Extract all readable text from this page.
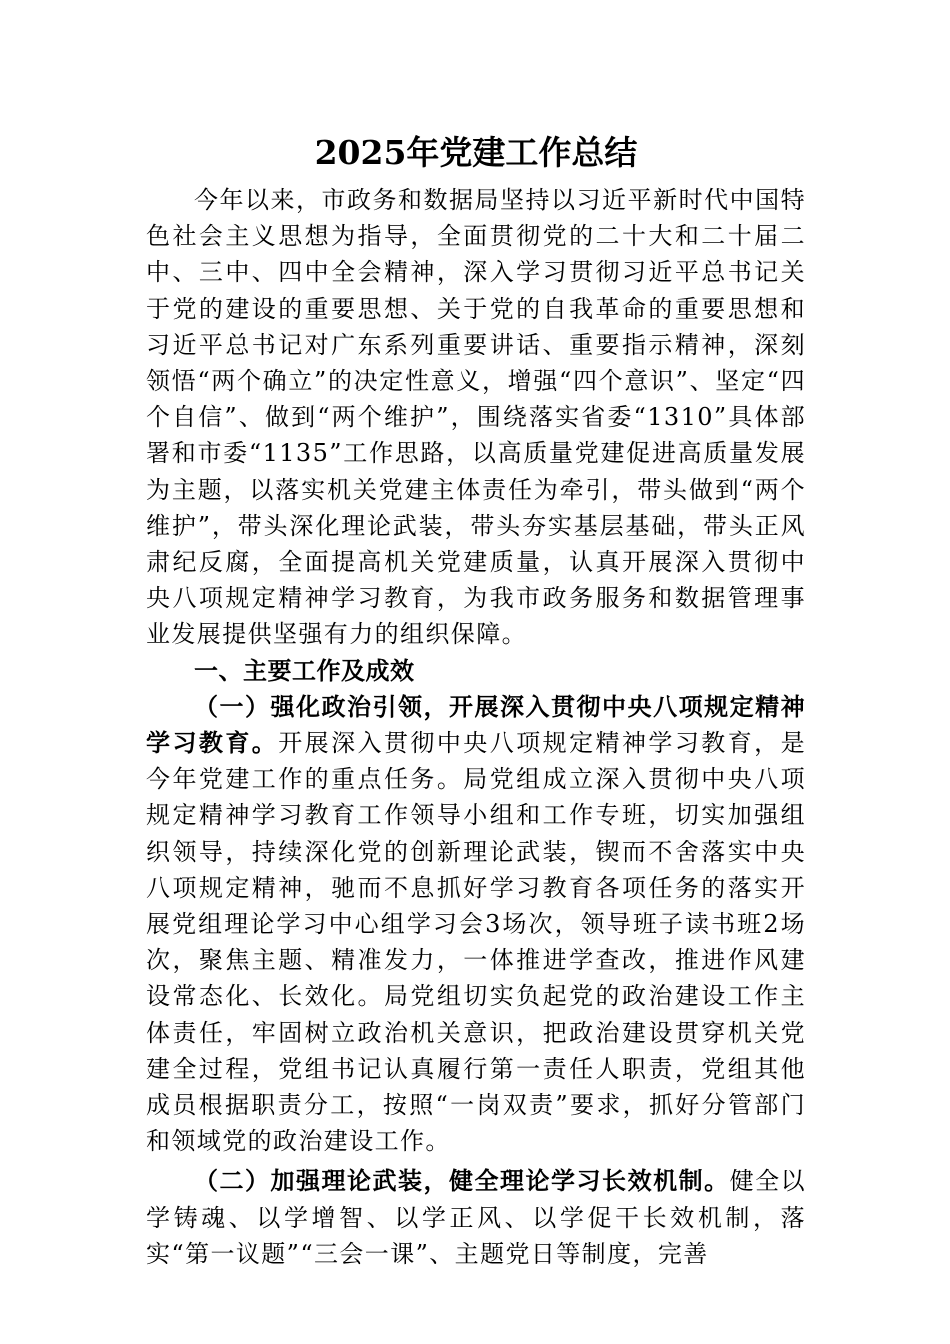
2025年党建工作总结

今年以来，市政务和数据局坚持以习近平新时代中国特色社会主义思想为指导，全面贯彻党的二十大和二十届二中、三中、四中全会精神，深入学习贯彻习近平总书记关于党的建设的重要思想、关于党的自我革命的重要思想和习近平总书记对广东系列重要讲话、重要指示精神，深刻领悟“两个确立”的决定性意义，增强“四个意识”、坚定“四个自信”、做到“两个维护”，围绕落实省委“1310”具体部署和市委“1135”工作思路，以高质量党建促进高质量发展为主题，以落实机关党建主体责任为牵引，带头做到“两个维护”，带头深化理论武装，带头夯实基层基础，带头正风肃纪反腐，全面提高机关党建质量，认真开展深入贯彻中央八项规定精神学习教育，为我市政务服务和数据管理事业发展提供坚强有力的组织保障。

一、主要工作及成效

（一）强化政治引领，开展深入贯彻中央八项规定精神学习教育。开展深入贯彻中央八项规定精神学习教育，是今年党建工作的重点任务。局党组成立深入贯彻中央八项规定精神学习教育工作领导小组和工作专班，切实加强组织领导，持续深化党的创新理论武装，锲而不舍落实中央八项规定精神，驰而不息抓好学习教育各项任务的落实开展党组理论学习中心组学习会3场次，领导班子读书班2场次，聚焦主题、精准发力，一体推进学查改，推进作风建设常态化、长效化。局党组切实负起党的政治建设工作主体责任，牢固树立政治机关意识，把政治建设贯穿机关党建全过程，党组书记认真履行第一责任人职责，党组其他成员根据职责分工，按照“一岗双责”要求，抓好分管部门和领域党的政治建设工作。

（二）加强理论武装，健全理论学习长效机制。健全以学铸魂、以学增智、以学正风、以学促干长效机制，落实“第一议题”“三会一课”、主题党日等制度，完善
